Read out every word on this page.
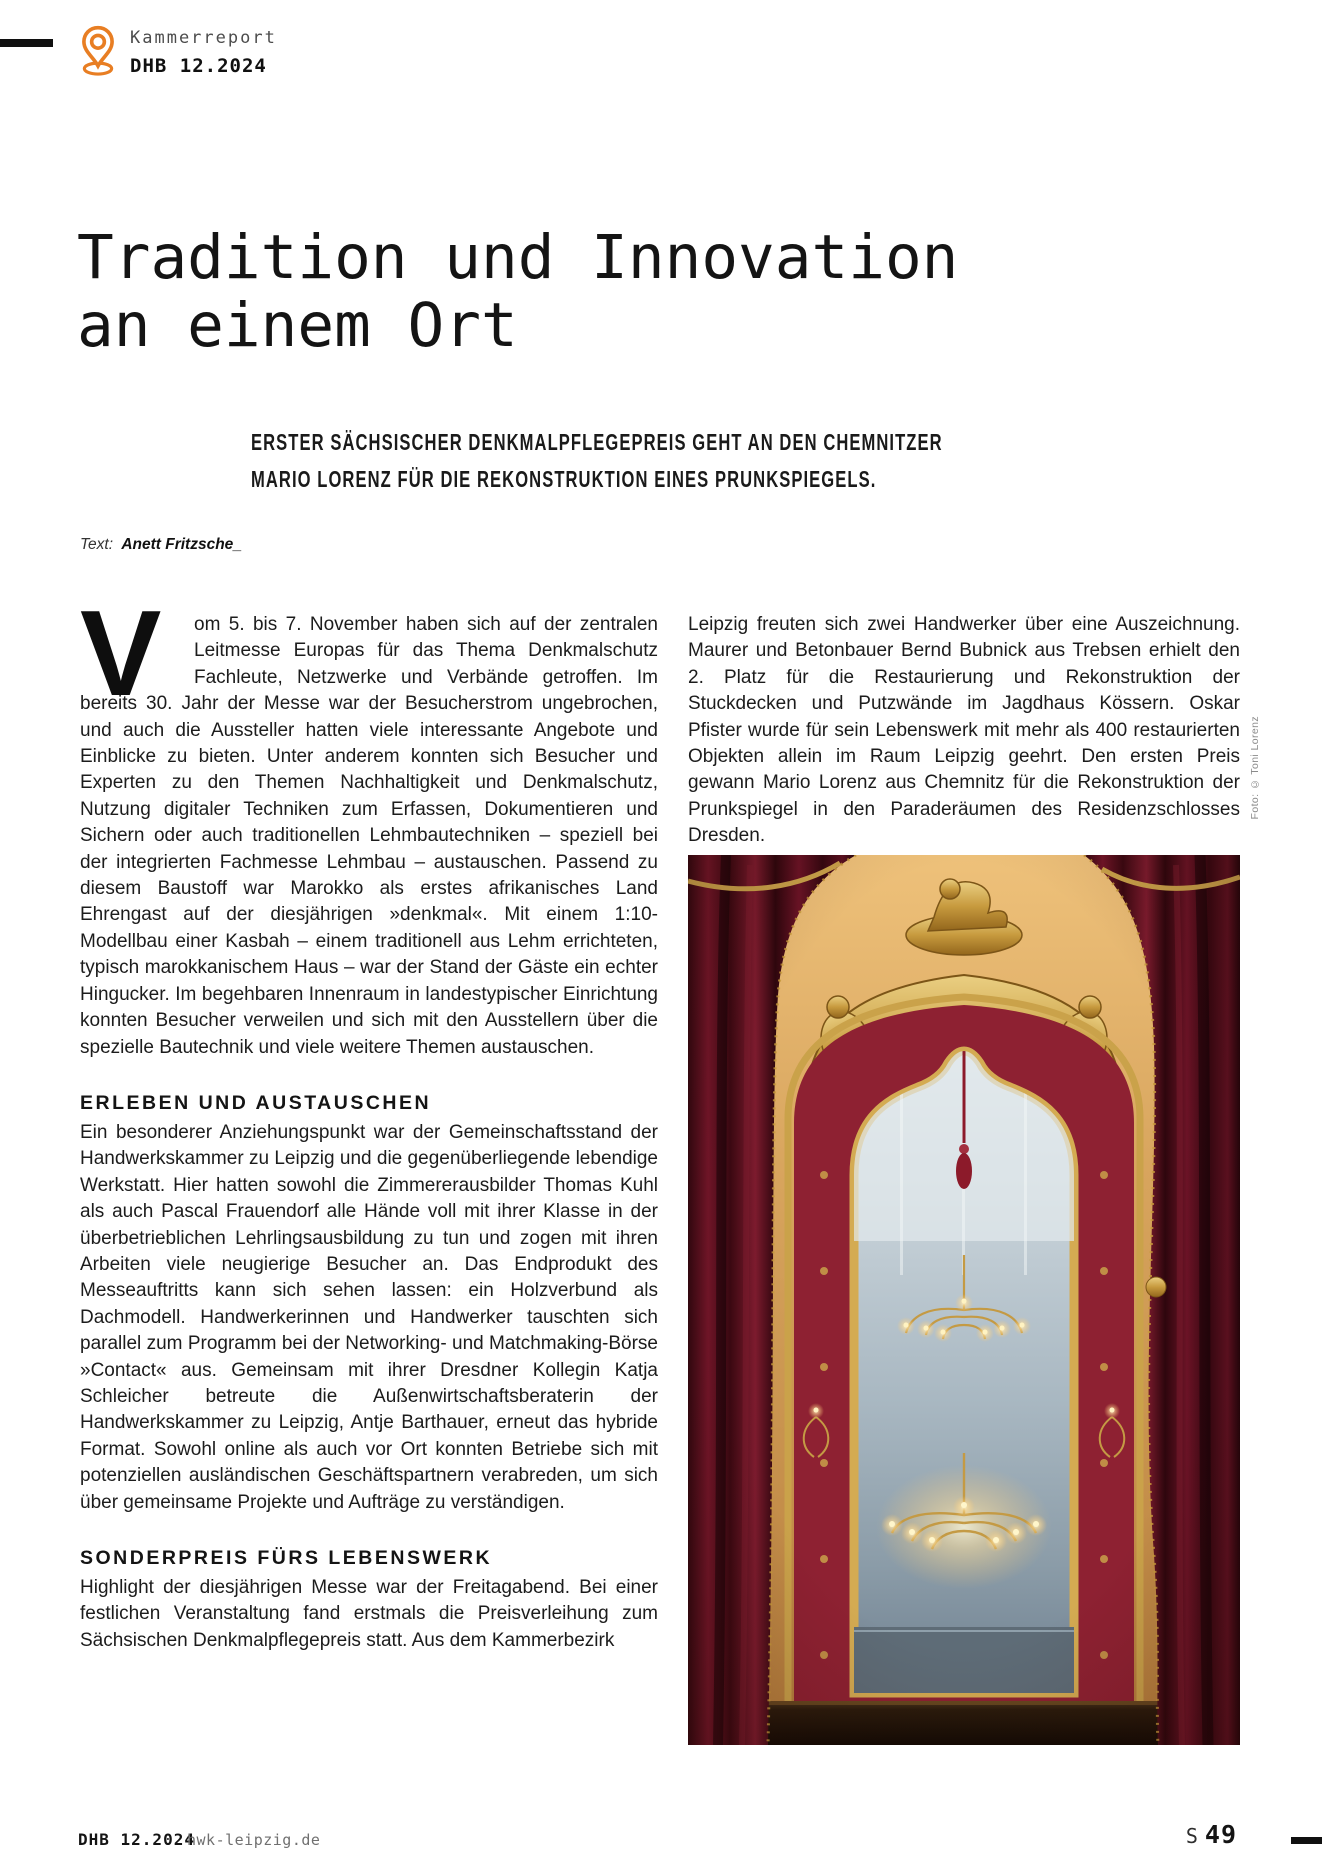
Kammerreport
DHB 12.2024
Tradition und Innovation
an einem Ort
ERSTER SÄCHSISCHER DENKMALPFLEGEPREIS GEHT AN DEN CHEMNITZER
MARIO LORENZ FÜR DIE REKONSTRUKTION EINES PRUNKSPIEGELS.
Text: Anett Fritzsche_

V	om 5. bis 7. November haben sich auf der zentralen Leitmesse Europas für das Thema Denkmalschutz Fachleute, Netzwerke und Verbände getroffen. Im bereits 30. Jahr der Messe war der Besucherstrom ungebrochen, und auch die Aussteller hatten viele interessante Angebote und Einblicke zu bieten. Unter anderem konnten sich Besucher und Experten zu den Themen Nachhaltigkeit und Denkmalschutz, Nutzung digitaler Techniken zum Erfassen, Dokumentieren und Sichern oder auch traditionellen Lehmbautechniken – speziell bei der integrierten Fachmesse Lehmbau – austauschen. Passend zu diesem Baustoff war Marokko als erstes afrikanisches Land Ehrengast auf der diesjährigen »denkmal«. Mit einem 1:10-Modellbau einer Kasbah – einem traditionell aus Lehm errichteten, typisch marokkanischem Haus – war der Stand der Gäste ein echter Hingucker. Im begehbaren Innenraum in landestypischer Einrichtung konnten Besucher verweilen und sich mit den Ausstellern über die spezielle Bautechnik und viele weitere Themen austauschen.

ERLEBEN UND AUSTAUSCHEN

Ein besonderer Anziehungspunkt war der Gemeinschaftsstand der Handwerkskammer zu Leipzig und die gegenüberliegende lebendige Werkstatt. Hier hatten sowohl die Zimmererausbilder Thomas Kuhl als auch Pascal Frauendorf alle Hände voll mit ihrer Klasse in der überbetrieblichen Lehrlingsausbildung zu tun und zogen mit ihren Arbeiten viele neugierige Besucher an. Das Endprodukt des Messeauftritts kann sich sehen lassen: ein Holzverbund als Dachmodell. Handwerkerinnen und Handwerker tauschten sich parallel zum Programm bei der Networking- und Matchmaking-Börse »Contact« aus. Gemeinsam mit ihrer Dresdner Kollegin Katja Schleicher betreute die Außenwirtschaftsberaterin der Handwerkskammer zu Leipzig, Antje Barthauer, erneut das hybride Format. Sowohl online als auch vor Ort konnten Betriebe sich mit potenziellen ausländischen Geschäftspartnern verabreden, um sich über gemeinsame Projekte und Aufträge zu verständigen.

SONDERPREIS FÜRS LEBENSWERK

Highlight der diesjährigen Messe war der Freitagabend. Bei einer festlichen Veranstaltung fand erstmals die Preisverleihung zum Sächsischen Denkmalpflegepreis statt. Aus dem Kammerbezirk

Leipzig freuten sich zwei Handwerker über eine Auszeichnung. Maurer und Betonbauer Bernd Bubnick aus Trebsen erhielt den 2. Platz für die Restaurierung und Rekonstruktion der Stuckdecken und Putzwände im Jagdhaus Kössern. Oskar Pfister wurde für sein Lebenswerk mit mehr als 400 restaurierten Objekten allein im Raum Leipzig geehrt. Den ersten Preis gewann Mario Lorenz aus Chemnitz für die Rekonstruktion der Prunkspiegel in den Paraderäumen des Residenzschlosses Dresden.

Foto: © Toni Lorenz
DHB 12.2024
hwk-leipzig.de	S 49
